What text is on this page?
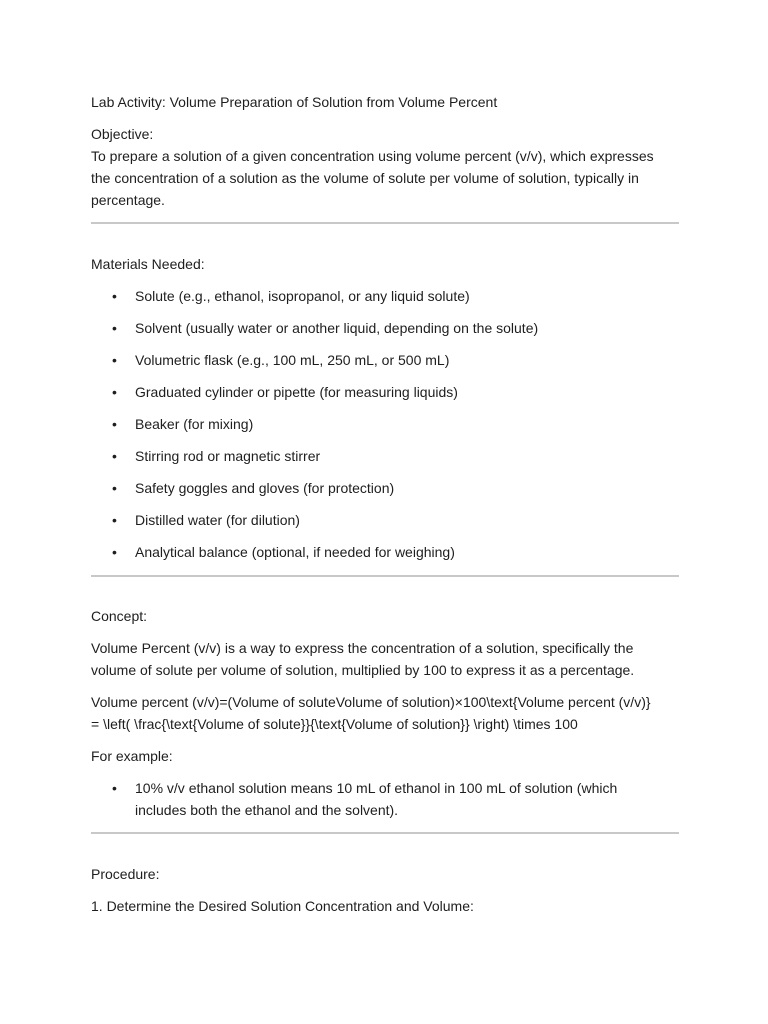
Lab Activity: Volume Preparation of Solution from Volume Percent
Objective:
To prepare a solution of a given concentration using volume percent (v/v), which expresses
the concentration of a solution as the volume of solute per volume of solution, typically in
percentage.
Materials Needed:
• Solute (e.g., ethanol, isopropanol, or any liquid solute)
• Solvent (usually water or another liquid, depending on the solute)
• Volumetric flask (e.g., 100 mL, 250 mL, or 500 mL)
• Graduated cylinder or pipette (for measuring liquids)
• Beaker (for mixing)
• Stirring rod or magnetic stirrer
• Safety goggles and gloves (for protection)
• Distilled water (for dilution)
• Analytical balance (optional, if needed for weighing)
Concept:
Volume Percent (v/v) is a way to express the concentration of a solution, specifically the
volume of solute per volume of solution, multiplied by 100 to express it as a percentage.
Volume percent (v/v)=(Volume of soluteVolume of solution)×100\text{Volume percent (v/v)}
= \left( \frac{\text{Volume of solute}}{\text{Volume of solution}} \right) \times 100
For example:
• 10% v/v ethanol solution means 10 mL of ethanol in 100 mL of solution (which
includes both the ethanol and the solvent).
Procedure:
1. Determine the Desired Solution Concentration and Volume:
